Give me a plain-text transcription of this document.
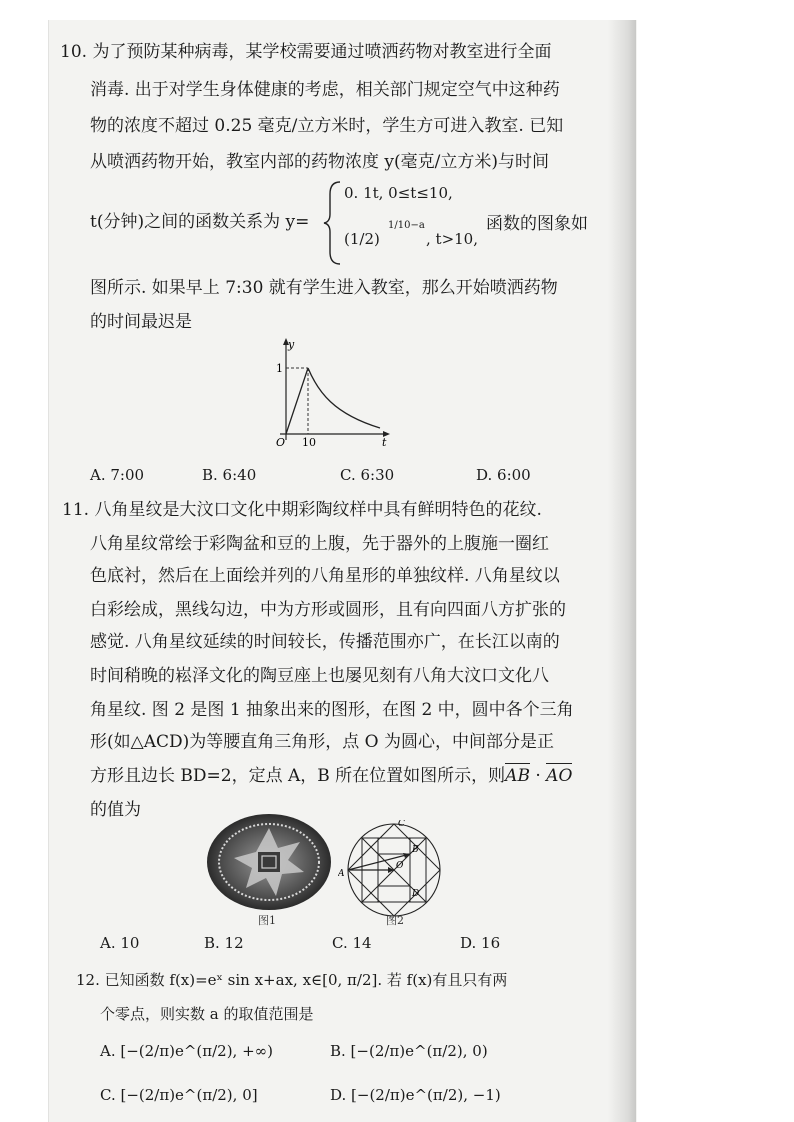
10. 为了预防某种病毒，某学校需要通过喷洒药物对教室进行全面
消毒. 出于对学生身体健康的考虑，相关部门规定空气中这种药
物的浓度不超过 0.25 毫克/立方米时，学生方可进入教室. 已知
从喷洒药物开始，教室内部的药物浓度 y(毫克/立方米)与时间
t(分钟)之间的函数关系为 y=
0. 1t, 0≤t≤10,
(1/2)
1/10−a
, t>10,
函数的图象如
图所示. 如果早上 7:30 就有学生进入教室，那么开始喷洒药物
的时间最迟是
y
t
1
10
O
A. 7:00	B. 6:40	C. 6:30	D. 6:00
11. 八角星纹是大汶口文化中期彩陶纹样中具有鲜明特色的花纹.
八角星纹常绘于彩陶盆和豆的上腹，先于器外的上腹施一圈红
色底衬，然后在上面绘并列的八角星形的单独纹样. 八角星纹以
白彩绘成，黑线勾边，中为方形或圆形，且有向四面八方扩张的
感觉. 八角星纹延续的时间较长，传播范围亦广，在长江以南的
时间稍晚的崧泽文化的陶豆座上也屡见刻有八角大汶口文化八
角星纹. 图 2 是图 1 抽象出来的图形，在图 2 中，圆中各个三角
形(如△ACD)为等腰直角三角形，点 O 为圆心，中间部分是正
方形且边长 BD=2，定点 A，B 所在位置如图所示，则AB · AO
的值为
图1
C
B
D
O
A
图2
A. 10	B. 12	C. 14	D. 16
12. 已知函数 f(x)=eˣ sin x+ax, x∈[0, π/2]. 若 f(x)有且只有两
个零点，则实数 a 的取值范围是
A. [−(2/π)e^(π/2), +∞)	B. [−(2/π)e^(π/2), 0)
C. [−(2/π)e^(π/2), 0]	D. [−(2/π)e^(π/2), −1)
